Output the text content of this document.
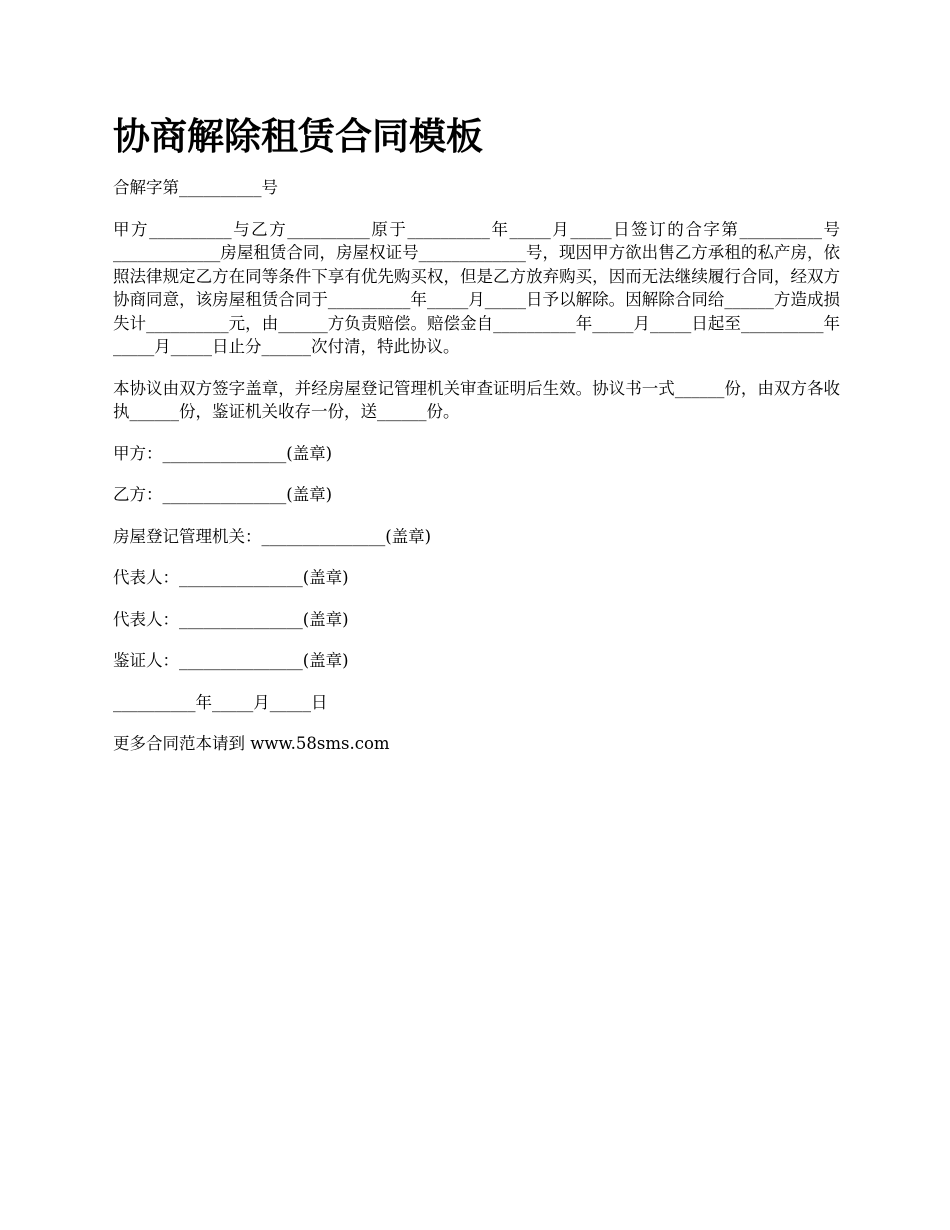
协商解除租赁合同模板

合解字第__________号

甲方__________与乙方__________原于__________年_____月_____日签订的合字第__________号_____________房屋租赁合同，房屋权证号_____________号，现因甲方欲出售乙方承租的私产房，依照法律规定乙方在同等条件下享有优先购买权，但是乙方放弃购买，因而无法继续履行合同，经双方协商同意，该房屋租赁合同于__________年_____月_____日予以解除。因解除合同给______方造成损失计__________元，由______方负责赔偿。赔偿金自__________年_____月_____日起至__________年_____月_____日止分______次付清，特此协议。

本协议由双方签字盖章，并经房屋登记管理机关审查证明后生效。协议书一式______份，由双方各收执______份，鉴证机关收存一份，送______份。

甲方：_______________(盖章)

乙方：_______________(盖章)

房屋登记管理机关：_______________(盖章)

代表人：_______________(盖章)

代表人：_______________(盖章)

鉴证人：_______________(盖章)

__________年_____月_____日

更多合同范本请到 www.58sms.com
